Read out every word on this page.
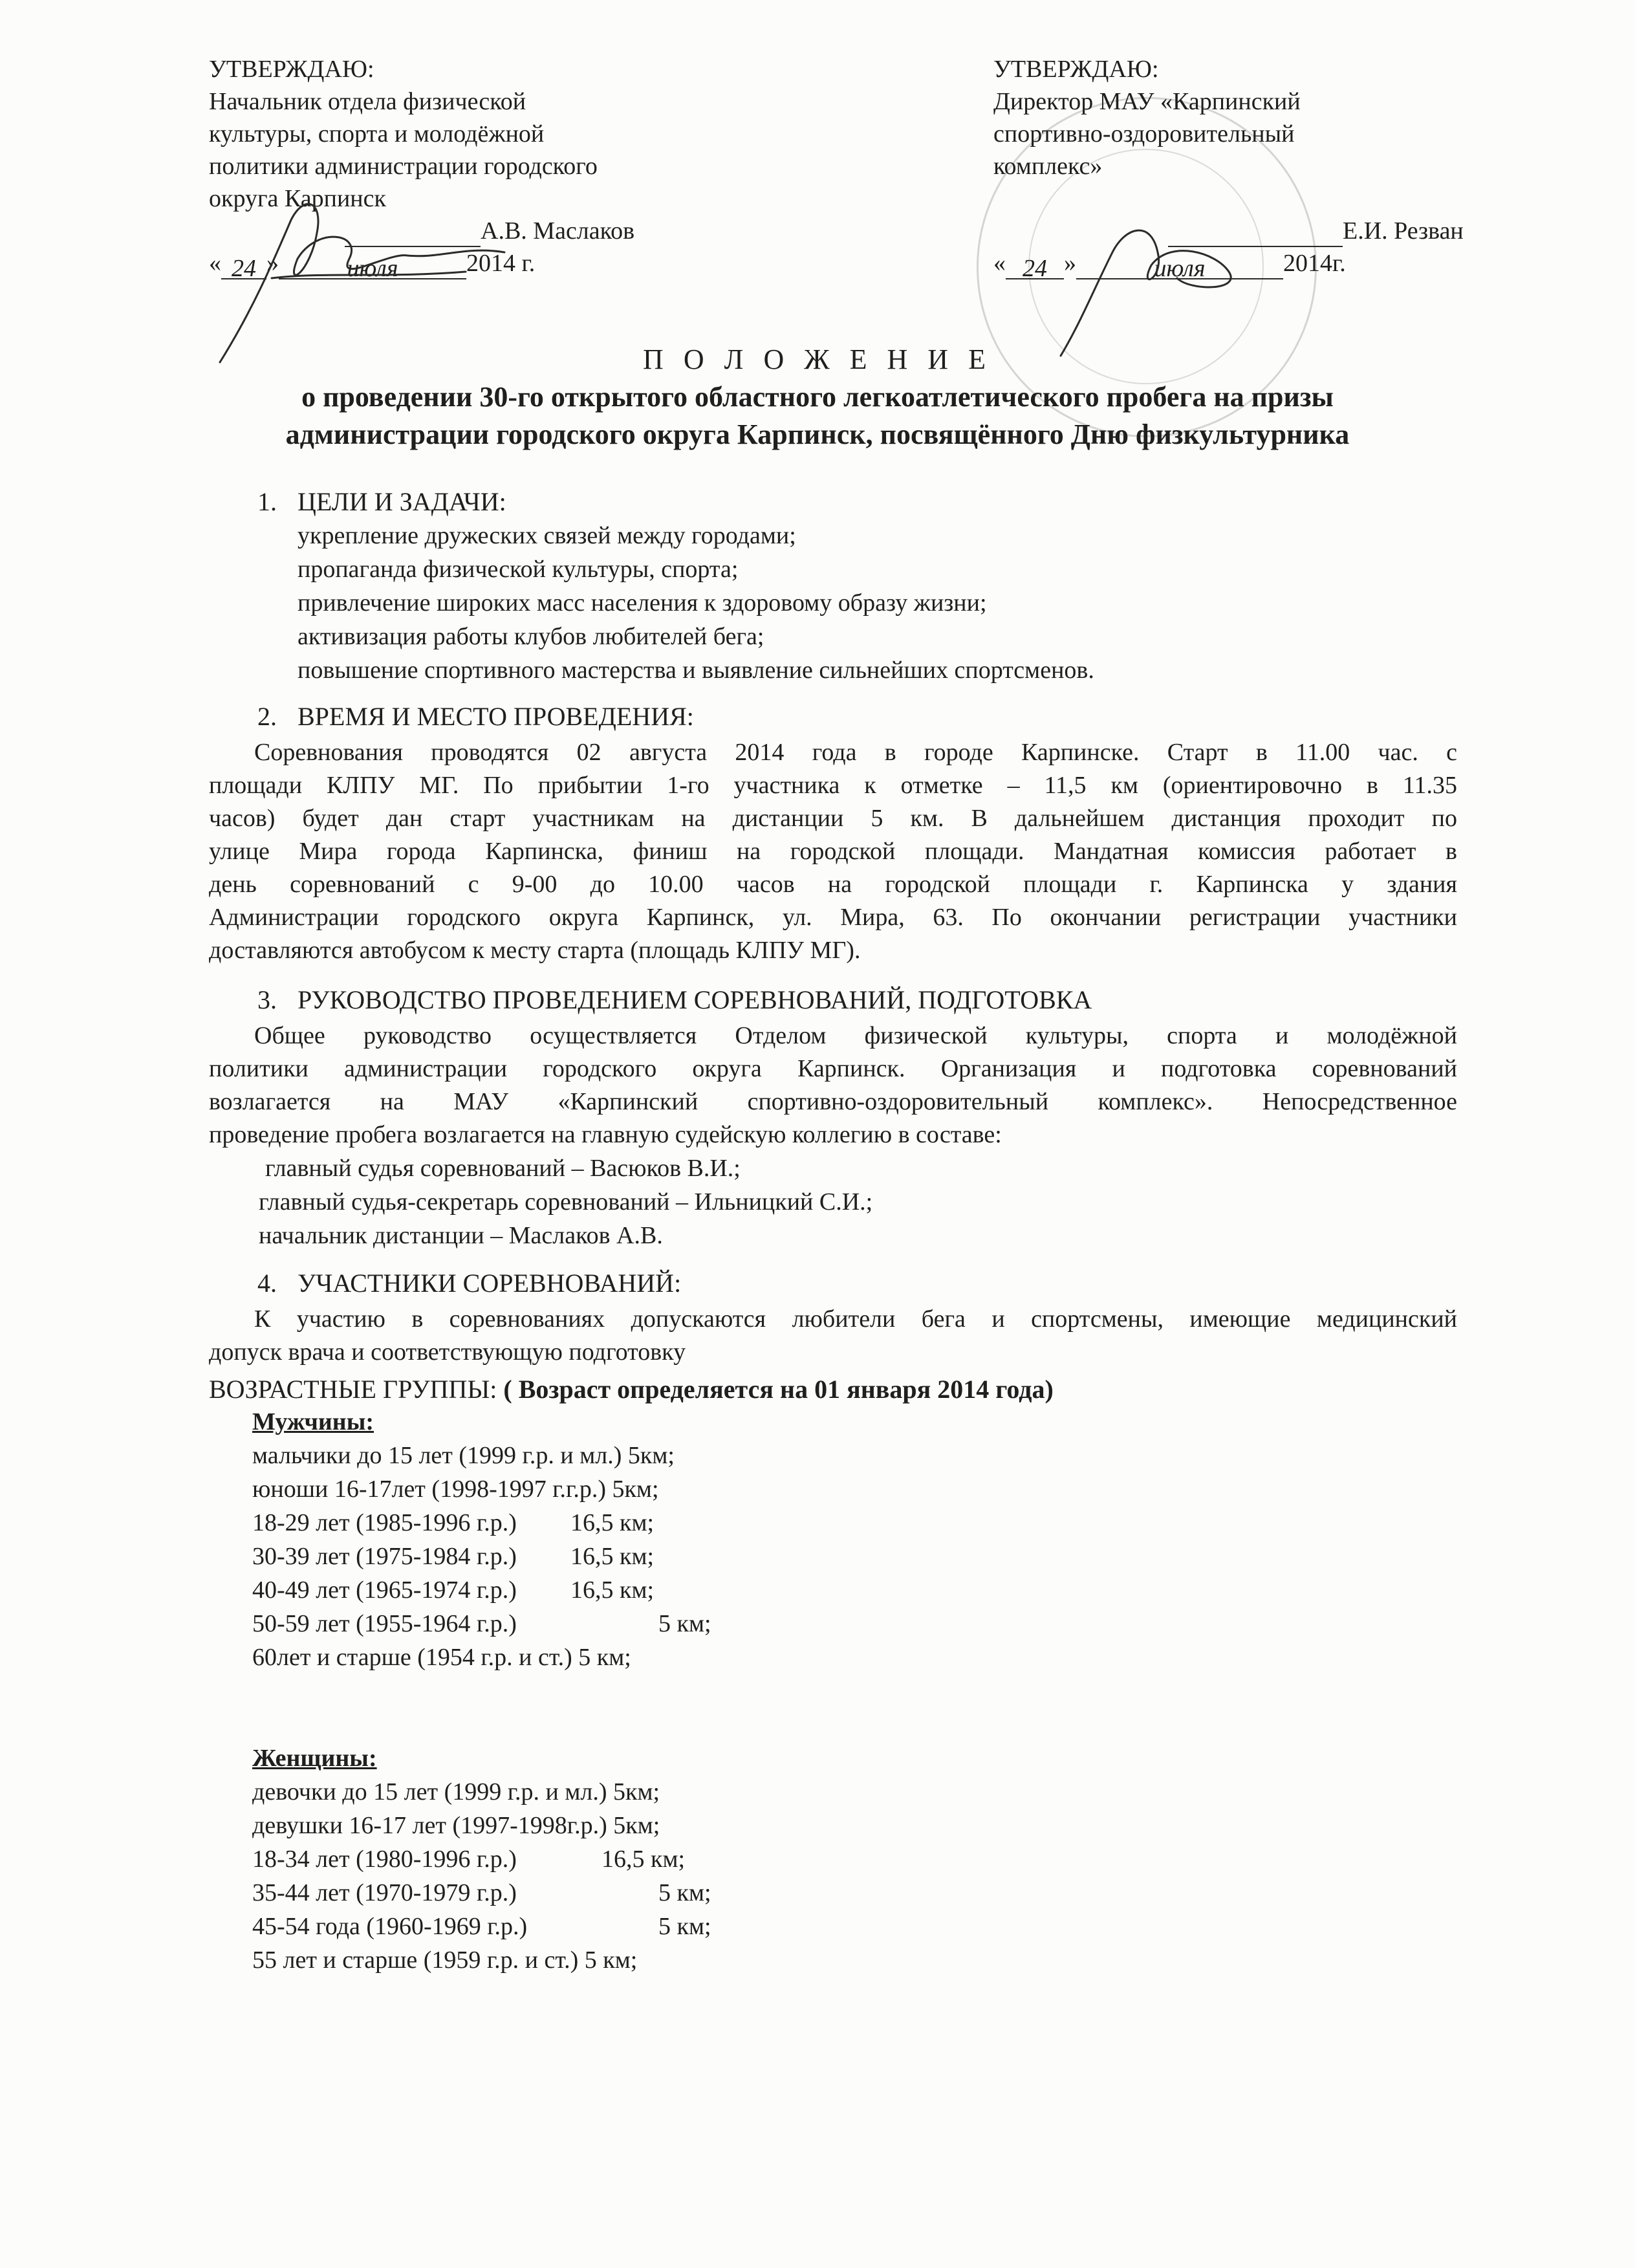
УТВЕРЖДАЮ:
Начальник отдела физической
культуры, спорта и молодёжной
политики администрации городского
округа Карпинск
А.В. Маслаков
« 24 »	июля	2014 г.
УТВЕРЖДАЮ:
Директор МАУ «Карпинский
спортивно-оздоровительный
комплекс»
Е.И. Резван
« 24 »	июля	2014г.
П О Л О Ж Е Н И Е
о проведении 30-го открытого областного легкоатлетического пробега на призы
администрации городского округа Карпинск, посвящённого Дню физкультурника
1. ЦЕЛИ И ЗАДАЧИ:
укрепление дружеских связей между городами;
пропаганда физической культуры, спорта;
привлечение широких масс населения к здоровому образу жизни;
активизация работы клубов любителей бега;
повышение спортивного мастерства и выявление сильнейших спортсменов.
2. ВРЕМЯ И МЕСТО ПРОВЕДЕНИЯ:
Соревнования проводятся 02 августа 2014 года в городе Карпинске. Старт в 11.00 час. с
площади КЛПУ МГ. По прибытии 1-го участника к отметке – 11,5 км (ориентировочно в 11.35
часов) будет дан старт участникам на дистанции 5 км. В дальнейшем дистанция проходит по
улице Мира города Карпинска, финиш на городской площади. Мандатная комиссия работает в
день соревнований с 9-00 до 10.00 часов на городской площади г. Карпинска у здания
Администрации городского округа Карпинск, ул. Мира, 63. По окончании регистрации участники
доставляются автобусом к месту старта (площадь КЛПУ МГ).
3. РУКОВОДСТВО ПРОВЕДЕНИЕМ СОРЕВНОВАНИЙ, ПОДГОТОВКА
Общее руководство осуществляется Отделом физической культуры, спорта и молодёжной
политики администрации городского округа Карпинск. Организация и подготовка соревнований
возлагается на МАУ «Карпинский спортивно-оздоровительный комплекс». Непосредственное
проведение пробега возлагается на главную судейскую коллегию в составе:
главный судья соревнований – Васюков В.И.;
главный судья-секретарь соревнований – Ильницкий С.И.;
начальник дистанции – Маслаков А.В.
4. УЧАСТНИКИ СОРЕВНОВАНИЙ:
К участию в соревнованиях допускаются любители бега и спортсмены, имеющие медицинский
допуск врача и соответствующую подготовку
ВОЗРАСТНЫЕ ГРУППЫ: ( Возраст определяется на 01 января 2014 года)
Мужчины:
мальчики до 15 лет (1999 г.р. и мл.) 5км;
юноши 16-17лет (1998-1997 г.г.р.) 5км;
18-29 лет (1985-1996 г.р.) 16,5 км;
30-39 лет (1975-1984 г.р.) 16,5 км;
40-49 лет (1965-1974 г.р.) 16,5 км;
50-59 лет (1955-1964 г.р.)	5 км;
60лет и старше (1954 г.р. и ст.) 5 км;
Женщины:
девочки до 15 лет (1999 г.р. и мл.) 5км;
девушки 16-17 лет (1997-1998г.р.) 5км;
18-34 лет (1980-1996 г.р.)	16,5 км;
35-44 лет (1970-1979 г.р.)	5 км;
45-54 года (1960-1969 г.р.)	5 км;
55 лет и старше (1959 г.р. и ст.) 5 км;
